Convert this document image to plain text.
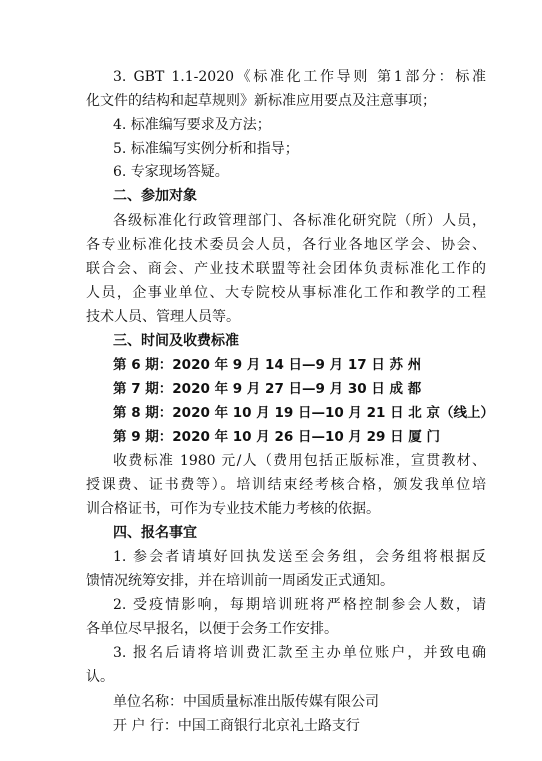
3. GBT 1.1-2020《标准化工作导则 第1部分：标准
化文件的结构和起草规则》新标准应用要点及注意事项；
4. 标准编写要求及方法；
5. 标准编写实例分析和指导；
6. 专家现场答疑。
二、参加对象
各级标准化行政管理部门、各标准化研究院（所）人员，
各专业标准化技术委员会人员，各行业各地区学会、协会、
联合会、商会、产业技术联盟等社会团体负责标准化工作的
人员，企事业单位、大专院校从事标准化工作和教学的工程
技术人员、管理人员等。
三、时间及收费标准
第 6 期：2020 年 9 月 14 日—9 月 17 日 苏 州
第 7 期：2020 年 9 月 27 日—9 月 30 日 成 都
第 8 期：2020 年 10 月 19 日—10 月 21 日 北 京（线上）
第 9 期：2020 年 10 月 26 日—10 月 29 日 厦 门
收费标准 1980 元/人（费用包括正版标准，宣贯教材、
授课费、证书费等）。培训结束经考核合格，颁发我单位培
训合格证书，可作为专业技术能力考核的依据。
四、报名事宜
1. 参会者请填好回执发送至会务组，会务组将根据反
馈情况统筹安排，并在培训前一周函发正式通知。
2. 受疫情影响，每期培训班将严格控制参会人数，请
各单位尽早报名，以便于会务工作安排。
3. 报名后请将培训费汇款至主办单位账户，并致电确
认。
单位名称：中国质量标准出版传媒有限公司
开 户 行：中国工商银行北京礼士路支行
